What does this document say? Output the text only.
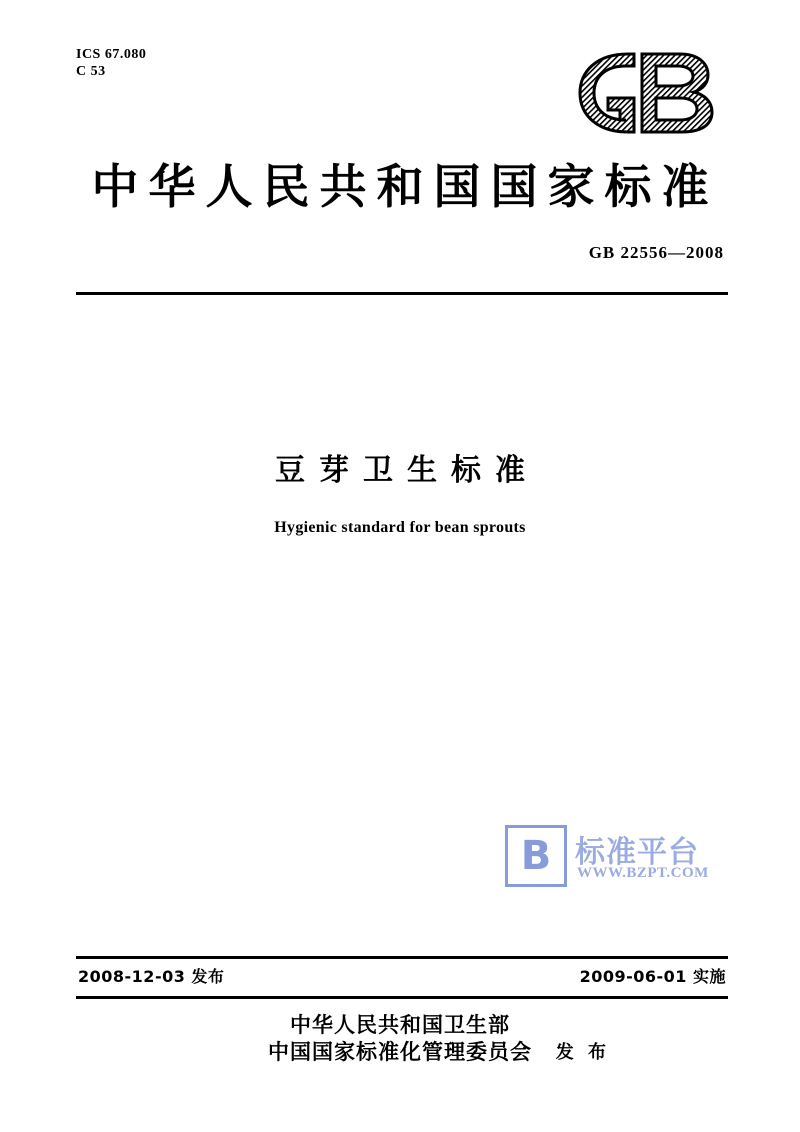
ICS 67.080
C 53
中华人民共和国国家标准
GB 22556—2008
豆芽卫生标准
Hygienic standard for bean sprouts
B 标准平台
WWW.BZPT.COM
2008-12-03 发布	2009-06-01 实施
中华人民共和国卫生部
中国国家标准化管理委员会 发 布
